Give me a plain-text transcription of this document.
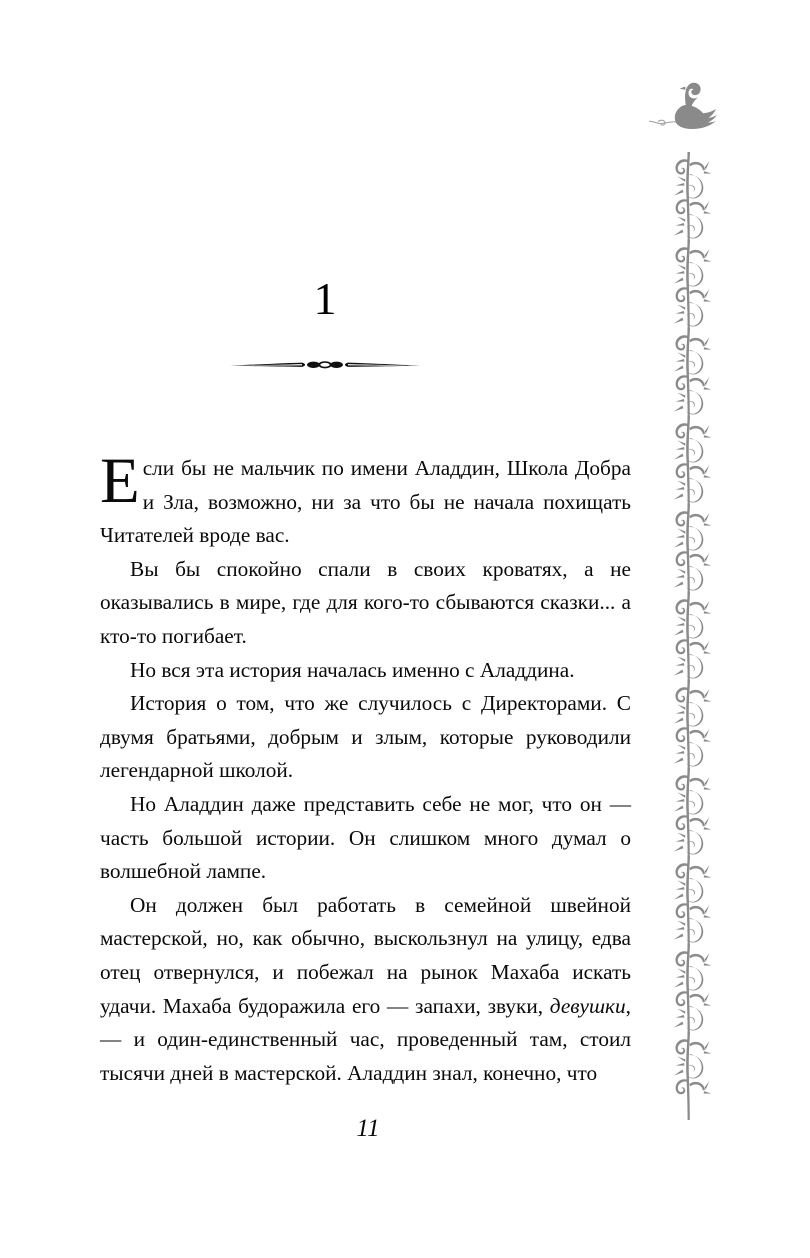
1

Если бы не мальчик по имени Аладдин, Школа Добра и Зла, возможно, ни за что бы не начала похищать Читателей вроде вас.

Вы бы спокойно спали в своих кроватях, а не оказывались в мире, где для кого-то сбываются сказки... а кто-то погибает.

Но вся эта история началась именно с Аладдина.

История о том, что же случилось с Директорами. С двумя братьями, добрым и злым, которые руководили легендарной школой.

Но Аладдин даже представить себе не мог, что он — часть большой истории. Он слишком много думал о волшебной лампе.

Он должен был работать в семейной швейной мастерской, но, как обычно, выскользнул на улицу, едва отец отвернулся, и побежал на рынок Махаба искать удачи. Махаба будоражила его — запахи, звуки, девушки, — и один-единственный час, проведенный там, стоил тысячи дней в мастерской. Аладдин знал, конечно, что

11
